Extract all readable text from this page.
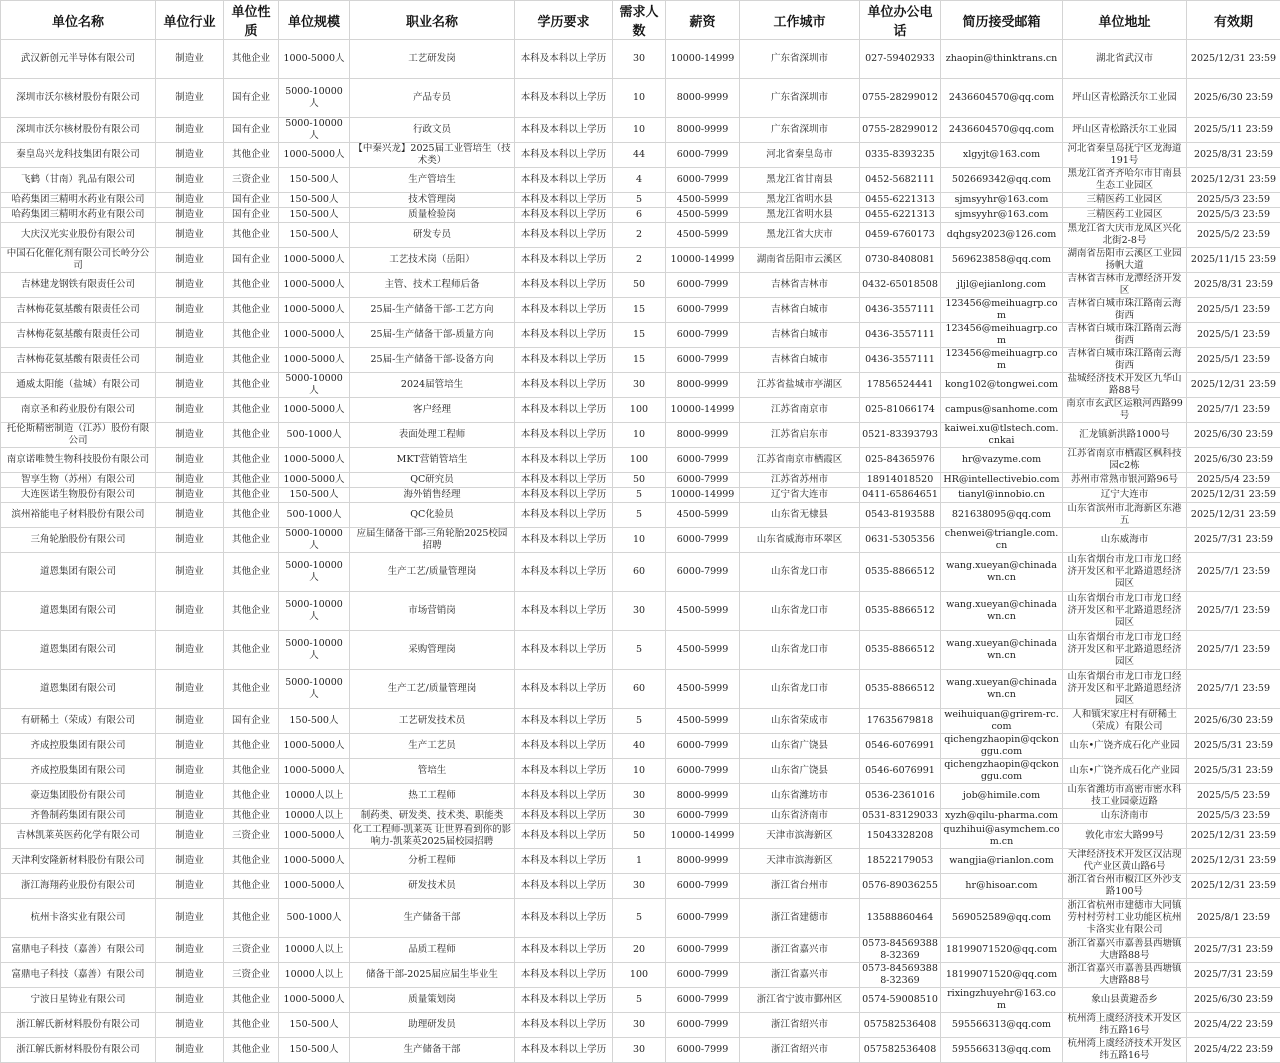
单位名称	单位行业	单位性质	单位规模	职业名称	学历要求	需求人数	薪资	工作城市	单位办公电话	简历接受邮箱	单位地址	有效期
武汉新创元半导体有限公司	制造业	其他企业	1000-5000人	工艺研发岗	本科及本科以上学历	30	10000-14999	广东省深圳市	027-59402933	zhaopin@thinktrans.cn	湖北省武汉市	2025/12/31 23:59
深圳市沃尔核材股份有限公司	制造业	国有企业	5000-10000人	产品专员	本科及本科以上学历	10	8000-9999	广东省深圳市	0755-28299012	2436604570@qq.com	坪山区青松路沃尔工业园	2025/6/30 23:59
深圳市沃尔核材股份有限公司	制造业	国有企业	5000-10000人	行政文员	本科及本科以上学历	10	8000-9999	广东省深圳市	0755-28299012	2436604570@qq.com	坪山区青松路沃尔工业园	2025/5/11 23:59
秦皇岛兴龙科技集团有限公司	制造业	其他企业	1000-5000人	【中秦兴龙】2025届工业管培生（技术类）	本科及本科以上学历	44	6000-7999	河北省秦皇岛市	0335-8393235	xlgyjt@163.com	河北省秦皇岛抚宁区龙海道191号	2025/8/31 23:59
飞鹤（甘南）乳品有限公司	制造业	三资企业	150-500人	生产管培生	本科及本科以上学历	4	6000-7999	黑龙江省甘南县	0452-5682111	502669342@qq.com	黑龙江省齐齐哈尔市甘南县生态工业园区	2025/12/31 23:59
哈药集团三精明水药业有限公司	制造业	国有企业	150-500人	技术管理岗	本科及本科以上学历	5	4500-5999	黑龙江省明水县	0455-6221313	sjmsyyhr@163.com	三精医药工业园区	2025/5/3 23:59
哈药集团三精明水药业有限公司	制造业	国有企业	150-500人	质量检验岗	本科及本科以上学历	6	4500-5999	黑龙江省明水县	0455-6221313	sjmsyyhr@163.com	三精医药工业园区	2025/5/3 23:59
大庆汉光实业股份有限公司	制造业	其他企业	150-500人	研发专员	本科及本科以上学历	2	4500-5999	黑龙江省大庆市	0459-6760173	dqhgsy2023@126.com	黑龙江省大庆市龙凤区兴化北街2-8号	2025/5/2 23:59
中国石化催化剂有限公司长岭分公司	制造业	国有企业	1000-5000人	工艺技术岗（岳阳）	本科及本科以上学历	2	10000-14999	湖南省岳阳市云溪区	0730-8408081	569623858@qq.com	湖南省岳阳市云溪区工业园扬帆大道	2025/11/15 23:59
吉林建龙钢铁有限责任公司	制造业	其他企业	1000-5000人	主管、技术工程师后备	本科及本科以上学历	50	6000-7999	吉林省吉林市	0432-65018508	jljl@ejianlong.com	吉林省吉林市龙潭经济开发区	2025/8/31 23:59
吉林梅花氨基酸有限责任公司	制造业	其他企业	1000-5000人	25届-生产储备干部-工艺方向	本科及本科以上学历	15	6000-7999	吉林省白城市	0436-3557111	123456@meihuagrp.com	吉林省白城市珠江路南云海街西	2025/5/1 23:59
吉林梅花氨基酸有限责任公司	制造业	其他企业	1000-5000人	25届-生产储备干部-质量方向	本科及本科以上学历	15	6000-7999	吉林省白城市	0436-3557111	123456@meihuagrp.com	吉林省白城市珠江路南云海街西	2025/5/1 23:59
吉林梅花氨基酸有限责任公司	制造业	其他企业	1000-5000人	25届-生产储备干部-设备方向	本科及本科以上学历	15	6000-7999	吉林省白城市	0436-3557111	123456@meihuagrp.com	吉林省白城市珠江路南云海街西	2025/5/1 23:59
通威太阳能（盐城）有限公司	制造业	其他企业	5000-10000人	2024届管培生	本科及本科以上学历	30	8000-9999	江苏省盐城市亭湖区	17856524441	kong102@tongwei.com	盐城经济技术开发区九华山路88号	2025/12/31 23:59
南京圣和药业股份有限公司	制造业	其他企业	1000-5000人	客户经理	本科及本科以上学历	100	10000-14999	江苏省南京市	025-81066174	campus@sanhome.com	南京市玄武区运粮河西路99号	2025/7/1 23:59
托伦斯精密制造（江苏）股份有限公司	制造业	其他企业	500-1000人	表面处理工程师	本科及本科以上学历	10	8000-9999	江苏省启东市	0521-83393793	kaiwei.xu@tlstech.com.cnkai	汇龙镇新洪路1000号	2025/6/30 23:59
南京诺唯赞生物科技股份有限公司	制造业	其他企业	1000-5000人	MKT营销管培生	本科及本科以上学历	100	6000-7999	江苏省南京市栖霞区	025-84365976	hr@vazyme.com	江苏省南京市栖霞区枫科技园c2栋	2025/6/30 23:59
智享生物（苏州）有限公司	制造业	其他企业	1000-5000人	QC研究员	本科及本科以上学历	50	6000-7999	江苏省苏州市	18914018520	HR@intellectivebio.com	苏州市常熟市银河路96号	2025/5/4 23:59
大连医诺生物股份有限公司	制造业	其他企业	150-500人	海外销售经理	本科及本科以上学历	5	10000-14999	辽宁省大连市	0411-65864651	tianyl@innobio.cn	辽宁大连市	2025/12/31 23:59
滨州裕能电子材料股份有限公司	制造业	其他企业	500-1000人	QC化验员	本科及本科以上学历	5	4500-5999	山东省无棣县	0543-8193588	821638095@qq.com	山东省滨州市北海新区东港五	2025/12/31 23:59
三角轮胎股份有限公司	制造业	其他企业	5000-10000人	应届生储备干部-三角轮胎2025校园招聘	本科及本科以上学历	10	6000-7999	山东省威海市环翠区	0631-5305356	chenwei@triangle.com.cn	山东威海市	2025/7/31 23:59
道恩集团有限公司	制造业	其他企业	5000-10000人	生产工艺/质量管理岗	本科及本科以上学历	60	6000-7999	山东省龙口市	0535-8866512	wang.xueyan@chinadawn.cn	山东省烟台市龙口市龙口经济开发区和平北路道恩经济园区	2025/7/1 23:59
道恩集团有限公司	制造业	其他企业	5000-10000人	市场营销岗	本科及本科以上学历	30	4500-5999	山东省龙口市	0535-8866512	wang.xueyan@chinadawn.cn	山东省烟台市龙口市龙口经济开发区和平北路道恩经济园区	2025/7/1 23:59
道恩集团有限公司	制造业	其他企业	5000-10000人	采购管理岗	本科及本科以上学历	5	4500-5999	山东省龙口市	0535-8866512	wang.xueyan@chinadawn.cn	山东省烟台市龙口市龙口经济开发区和平北路道恩经济园区	2025/7/1 23:59
道恩集团有限公司	制造业	其他企业	5000-10000人	生产工艺/质量管理岗	本科及本科以上学历	60	4500-5999	山东省龙口市	0535-8866512	wang.xueyan@chinadawn.cn	山东省烟台市龙口市龙口经济开发区和平北路道恩经济园区	2025/7/1 23:59
有研稀土（荣成）有限公司	制造业	国有企业	150-500人	工艺研发技术员	本科及本科以上学历	5	4500-5999	山东省荣成市	17635679818	weihuiquan@grirem-rc.com	人和镇宋家庄村有研稀土（荣成）有限公司	2025/6/30 23:59
齐成控股集团有限公司	制造业	其他企业	1000-5000人	生产工艺员	本科及本科以上学历	40	6000-7999	山东省广饶县	0546-6076991	qichengzhaopin@qckonggu.com	山东•广饶齐成石化产业园	2025/5/31 23:59
齐成控股集团有限公司	制造业	其他企业	1000-5000人	管培生	本科及本科以上学历	10	6000-7999	山东省广饶县	0546-6076991	qichengzhaopin@qckonggu.com	山东•广饶齐成石化产业园	2025/5/31 23:59
豪迈集团股份有限公司	制造业	其他企业	10000人以上	热工工程师	本科及本科以上学历	30	8000-9999	山东省潍坊市	0536-2361016	job@himile.com	山东省潍坊市高密市密水科技工业园豪迈路	2025/5/5 23:59
齐鲁制药集团有限公司	制造业	其他企业	10000人以上	制药类、研发类、技术类、职能类	本科及本科以上学历	30	6000-7999	山东省济南市	0531-83129033	xyzh@qilu-pharma.com	山东济南市	2025/5/3 23:59
吉林凯莱英医药化学有限公司	制造业	三资企业	1000-5000人	化工工程师-凯莱英 让世界看到你的影响力-凯莱英2025届校园招聘	本科及本科以上学历	50	10000-14999	天津市滨海新区	15043328208	quzhihui@asymchem.com.cn	敦化市宏大路99号	2025/12/31 23:59
天津利安隆新材料股份有限公司	制造业	其他企业	1000-5000人	分析工程师	本科及本科以上学历	1	8000-9999	天津市滨海新区	18522179053	wangjia@rianlon.com	天津经济技术开发区汉沽现代产业区黄山路6号	2025/12/31 23:59
浙江海翔药业股份有限公司	制造业	其他企业	1000-5000人	研发技术员	本科及本科以上学历	30	6000-7999	浙江省台州市	0576-89036255	hr@hisoar.com	浙江省台州市椒江区外沙支路100号	2025/12/31 23:59
杭州卡洛实业有限公司	制造业	其他企业	500-1000人	生产储备干部	本科及本科以上学历	5	6000-7999	浙江省建德市	13588860464	569052589@qq.com	浙江省杭州市建德市大同镇劳村村劳村工业功能区杭州卡洛实业有限公司	2025/8/1 23:59
富鼎电子科技（嘉善）有限公司	制造业	三资企业	10000人以上	品质工程师	本科及本科以上学历	20	6000-7999	浙江省嘉兴市	0573-845693888-32369	18199071520@qq.com	浙江省嘉兴市嘉善县西塘镇大唐路88号	2025/7/31 23:59
富鼎电子科技（嘉善）有限公司	制造业	三资企业	10000人以上	储备干部-2025届应届生毕业生	本科及本科以上学历	100	6000-7999	浙江省嘉兴市	0573-845693888-32369	18199071520@qq.com	浙江省嘉兴市嘉善县西塘镇大唐路88号	2025/7/31 23:59
宁波日星铸业有限公司	制造业	其他企业	1000-5000人	质量策划岗	本科及本科以上学历	5	6000-7999	浙江省宁波市鄞州区	0574-59008510	rixingzhuyehr@163.com	象山县黄避岙乡	2025/6/30 23:59
浙江解氏新材料股份有限公司	制造业	其他企业	150-500人	助理研发员	本科及本科以上学历	30	6000-7999	浙江省绍兴市	057582536408	595566313@qq.com	杭州湾上虞经济技术开发区纬五路16号	2025/4/22 23:59
浙江解氏新材料股份有限公司	制造业	其他企业	150-500人	生产储备干部	本科及本科以上学历	30	6000-7999	浙江省绍兴市	057582536408	595566313@qq.com	杭州湾上虞经济技术开发区纬五路16号	2025/4/22 23:59
